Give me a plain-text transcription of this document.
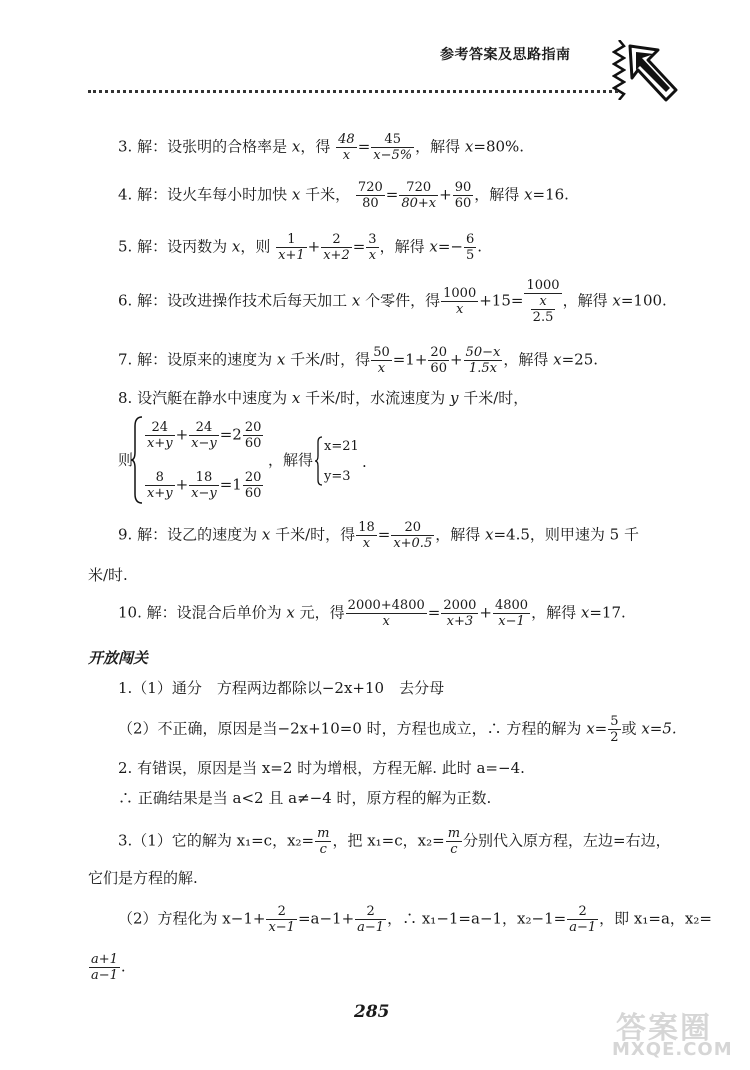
参考答案及思路指南
3. 解：设张明的合格率是 x，得 $\frac{48}{x} = \frac{45}{x-5\%}$ ，解得 x=80%.
4. 解：设火车每小时加快 x 千米， $\frac{720}{80} = \frac{720}{80+x} + \frac{90}{60}$ ，解得 x=16.
5. 解：设丙数为 x，则 $\frac{1}{x+1} + \frac{2}{x+2} = \frac{3}{x}$ ，解得 $x=- \frac{6}{5}$ .
6. 解：设改进操作技术后每天加工 x 个零件，得 $\frac{1000}{x} +15= \frac{1000}{\frac{x}{2.5}}$ ，解得 x=100.
7. 解：设原来的速度为 x 千米/时，得 $\frac{50}{x} =1+ \frac{20}{60} + \frac{50-x}{1.5x}$ ，解得 x=25.
8. 设汽艇在静水中速度为 x 千米/时，水流速度为 y 千米/时，
则
$\frac{24}{x+y} + \frac{24}{x-y} =2 \frac{20}{60}$
$\frac{8}{x+y} + \frac{18}{x-y} =1 \frac{20}{60}$
，解得
x=21
y=3
.
9. 解：设乙的速度为 x 千米/时，得 $\frac{18}{x} = \frac{20}{x+0.5}$ ，解得 x=4.5，则甲速为 5 千
米/时.
10. 解：设混合后单价为 x 元，得 $\frac{2000+4800}{x} = \frac{2000}{x+3} + \frac{4800}{x-1}$ ，解得 x=17.
开放闯关
1.（1）通分　方程两边都除以−2x+10　去分母
（2）不正确，原因是当−2x+10=0 时，方程也成立，∴ 方程的解为 $x= \frac{5}{2}$ 或 x=5.
2. 有错误，原因是当 x=2 时为增根，方程无解. 此时 a=−4.
∴ 正确结果是当 a<2 且 a≠−4 时，原方程的解为正数.
3.（1）它的解为 x₁=c，$x_2= \frac{m}{c}$ ，把 x₁=c，$x_2= \frac{m}{c}$ 分别代入原方程，左边=右边，
它们是方程的解.
（2）方程化为 $x-1+ \frac{2}{x-1} =a-1+ \frac{2}{a-1}$ ，∴ x₁−1=a−1，$x_2-1= \frac{2}{a-1}$ ，即 x₁=a，x₂=
$\frac{a+1}{a-1}$ .
285	答案圈
MXQE.COM
